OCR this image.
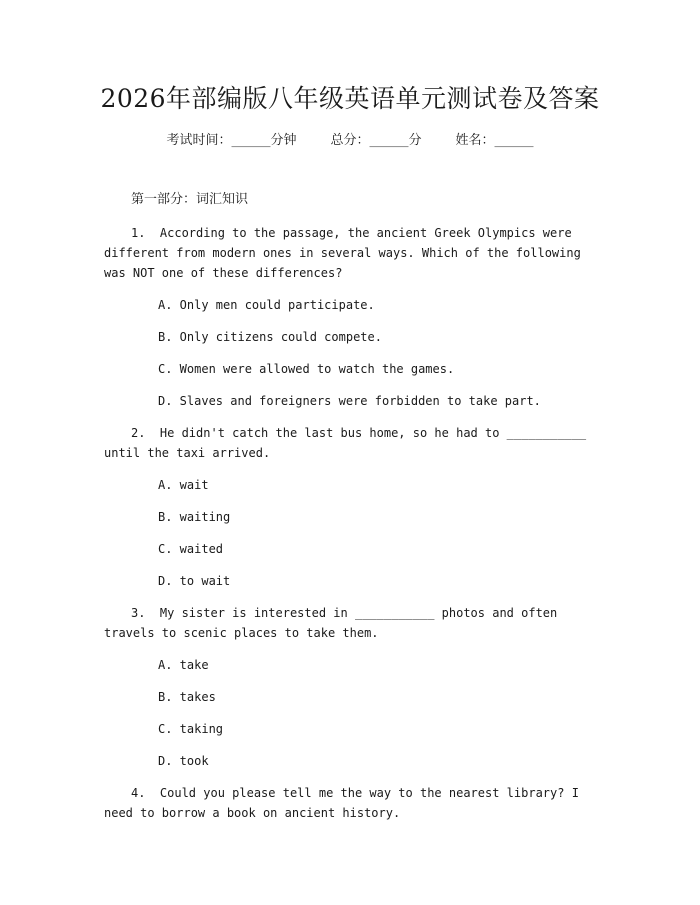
2026年部编版八年级英语单元测试卷及答案
考试时间：______分钟	总分：______分	姓名：______
第一部分：词汇知识
1.  According to the passage, the ancient Greek Olympics were different from modern ones in several ways. Which of the following was NOT one of these differences?
A. Only men could participate.
B. Only citizens could compete.
C. Women were allowed to watch the games.
D. Slaves and foreigners were forbidden to take part.
2.  He didn't catch the last bus home, so he had to ___________ until the taxi arrived.
A. wait
B. waiting
C. waited
D. to wait
3.  My sister is interested in ___________ photos and often travels to scenic places to take them.
A. take
B. takes
C. taking
D. took
4.  Could you please tell me the way to the nearest library? I need to borrow a book on ancient history.
